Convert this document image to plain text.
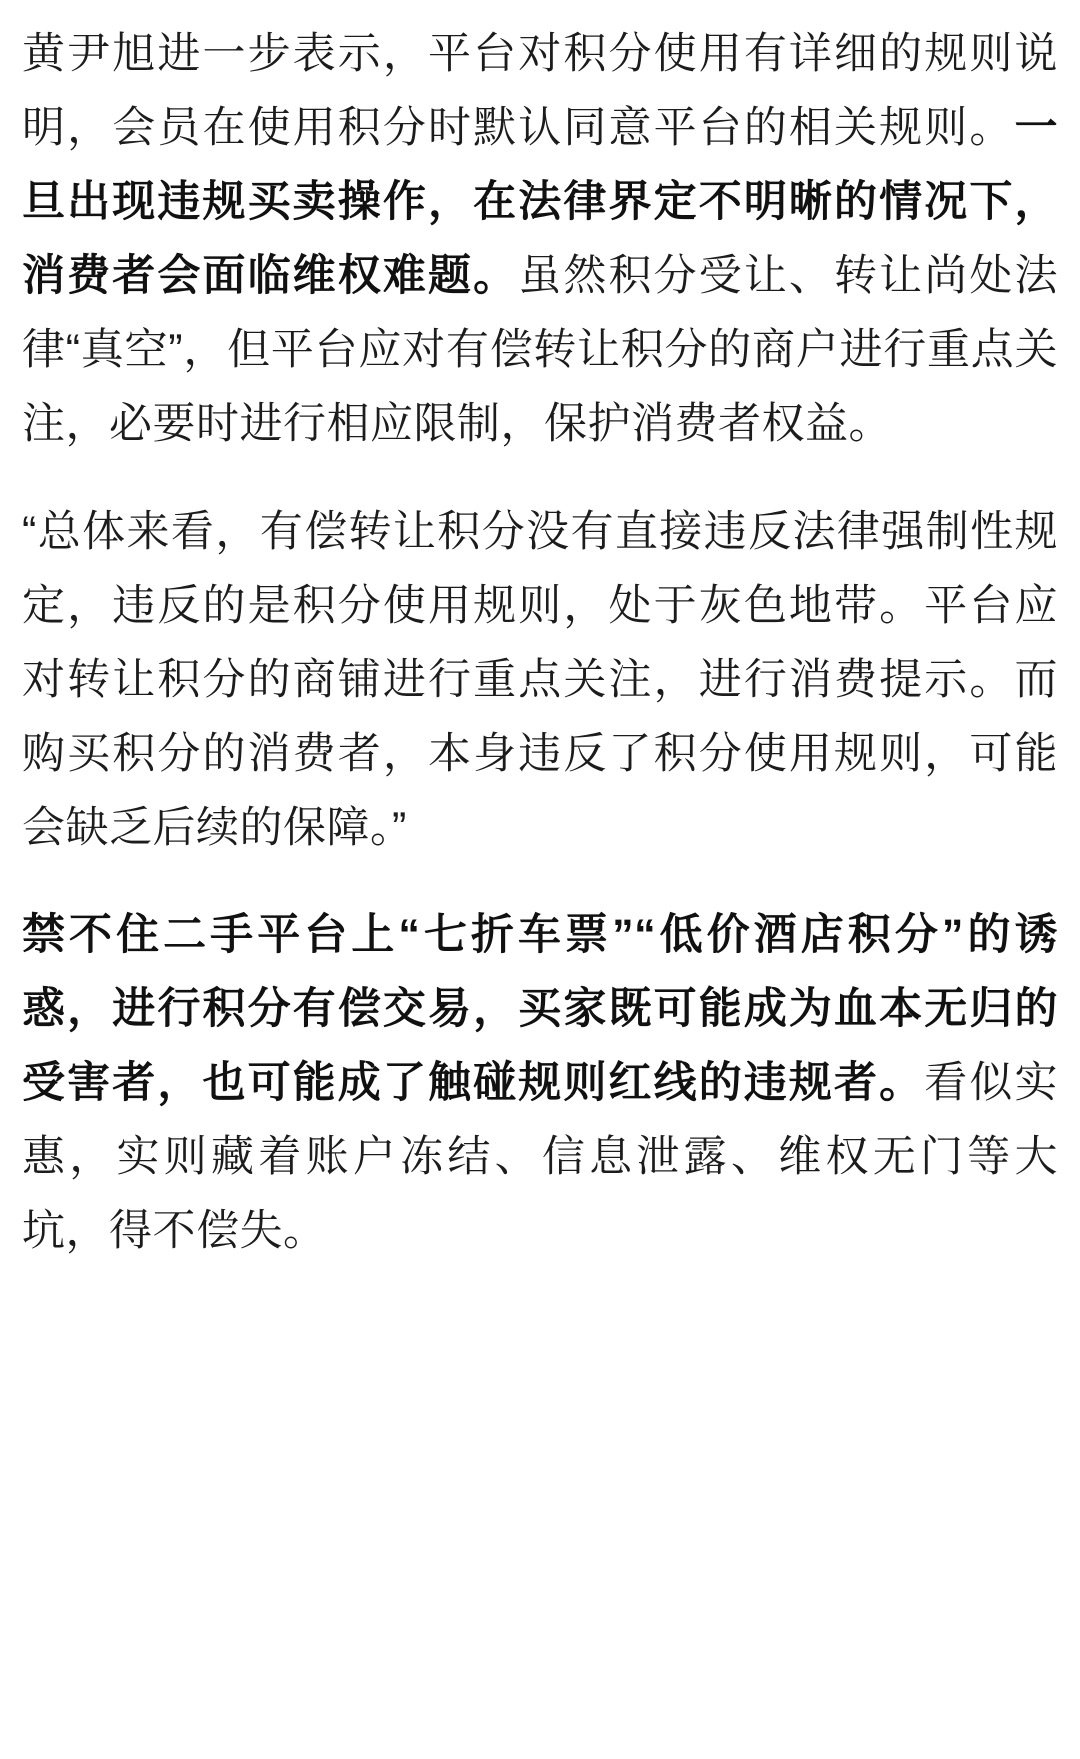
黄尹旭进一步表示，平台对积分使用有详细的规则说明，会员在使用积分时默认同意平台的相关规则。一旦出现违规买卖操作，在法律界定不明晰的情况下，消费者会面临维权难题。虽然积分受让、转让尚处法律“真空”，但平台应对有偿转让积分的商户进行重点关注，必要时进行相应限制，保护消费者权益。

“总体来看，有偿转让积分没有直接违反法律强制性规定，违反的是积分使用规则，处于灰色地带。平台应对转让积分的商铺进行重点关注，进行消费提示。而购买积分的消费者，本身违反了积分使用规则，可能会缺乏后续的保障。”

禁不住二手平台上“七折车票”“低价酒店积分”的诱惑，进行积分有偿交易，买家既可能成为血本无归的受害者，也可能成了触碰规则红线的违规者。看似实惠，实则藏着账户冻结、信息泄露、维权无门等大坑，得不偿失。
